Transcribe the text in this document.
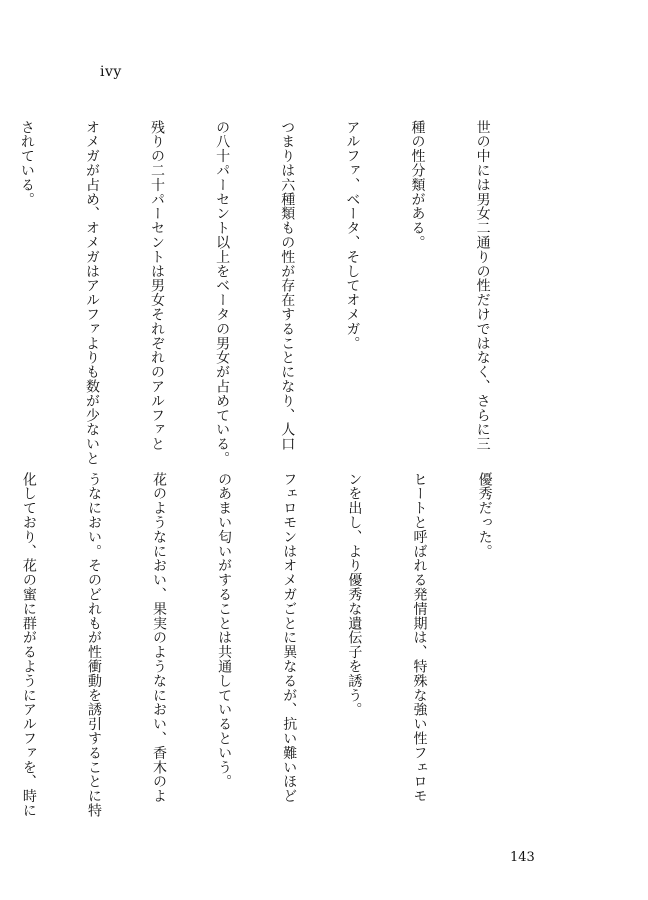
ivy

世の中には男女二通りの性だけではなく、さらに三

種の性分類がある。

アルファ、ベータ、そしてオメガ。

つまりは六種類もの性が存在することになり、人口

の八十パーセント以上をベータの男女が占めている。

残りの二十パーセントは男女それぞれのアルファと

オメガが占め、オメガはアルファよりも数が少ないと

されている。

優秀だった。

ヒートと呼ばれる発情期は、特殊な強い性フェロモ

ンを出し、より優秀な遺伝子を誘う。

フェロモンはオメガごとに異なるが、抗い難いほど

のあまい匂いがすることは共通しているという。

花のようなにおい、果実のようなにおい、香木のよ

うなにおい。そのどれもが性衝動を誘引することに特

化しており、花の蜜に群がるようにアルファを、時に

143
